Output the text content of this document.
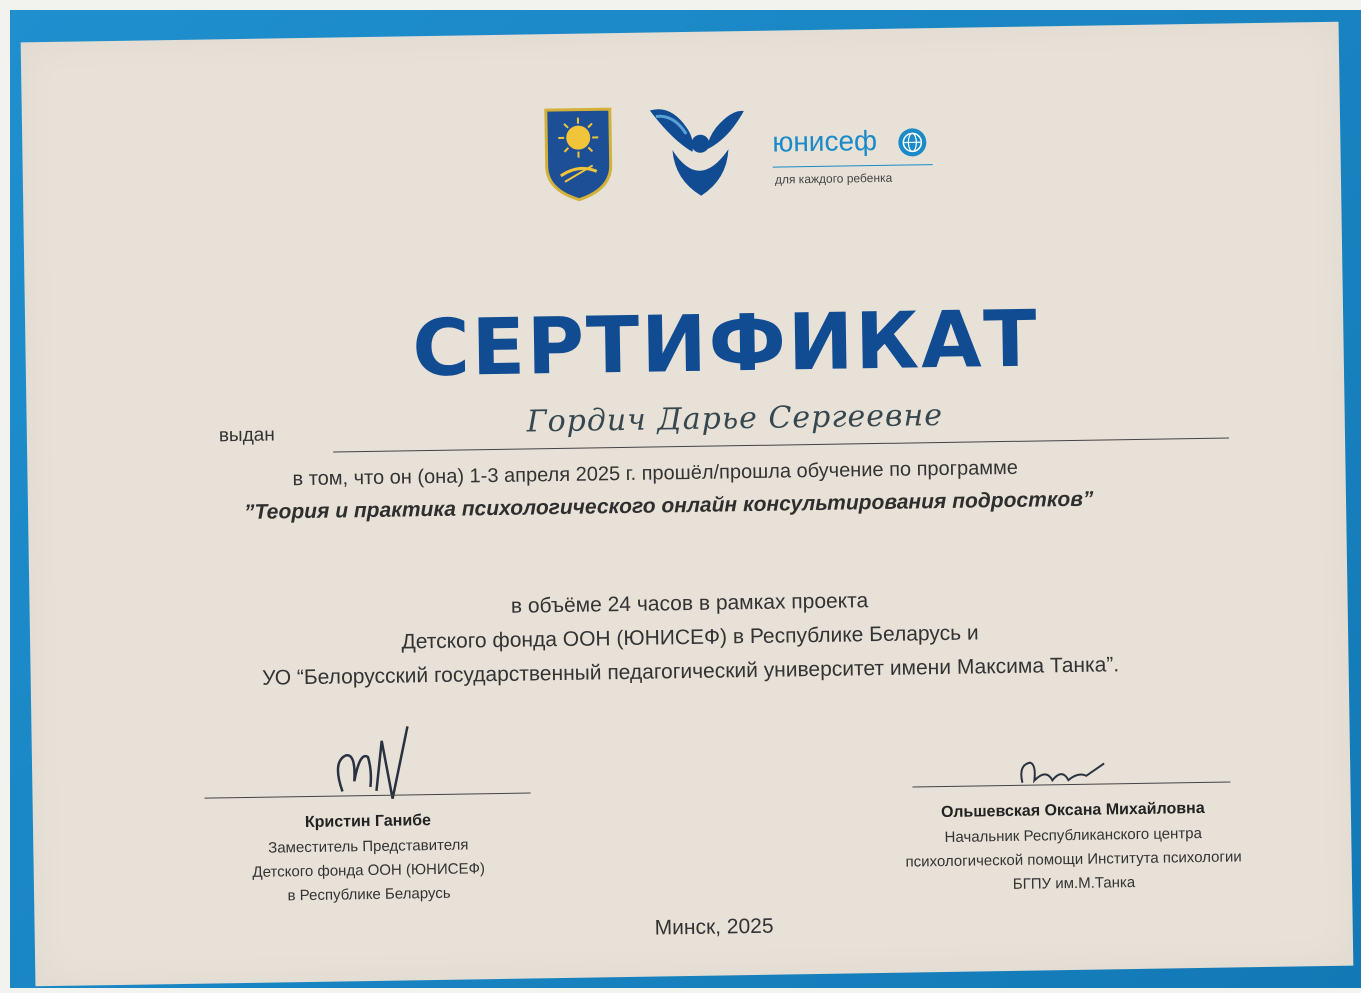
юнисеф
для каждого ребенка
СЕРТИФИКАТ
выдан	Гордич Дарье Сергеевне
в том, что он (она) 1-3 апреля 2025 г. прошёл/прошла обучение по программе
”Теория и практика психологического онлайн консультирования подростков”
в объёме 24 часов в рамках проекта
Детского фонда ООН (ЮНИСЕФ) в Республике Беларусь и
УО “Белорусский государственный педагогический университет имени Максима Танка”.
Кристин Ганибе
Заместитель Представителя
Детского фонда ООН (ЮНИСЕФ)
в Республике Беларусь
Ольшевская Оксана Михайловна
Начальник Республиканского центра
психологической помощи Института психологии
БГПУ им.М.Танка
Минск, 2025
